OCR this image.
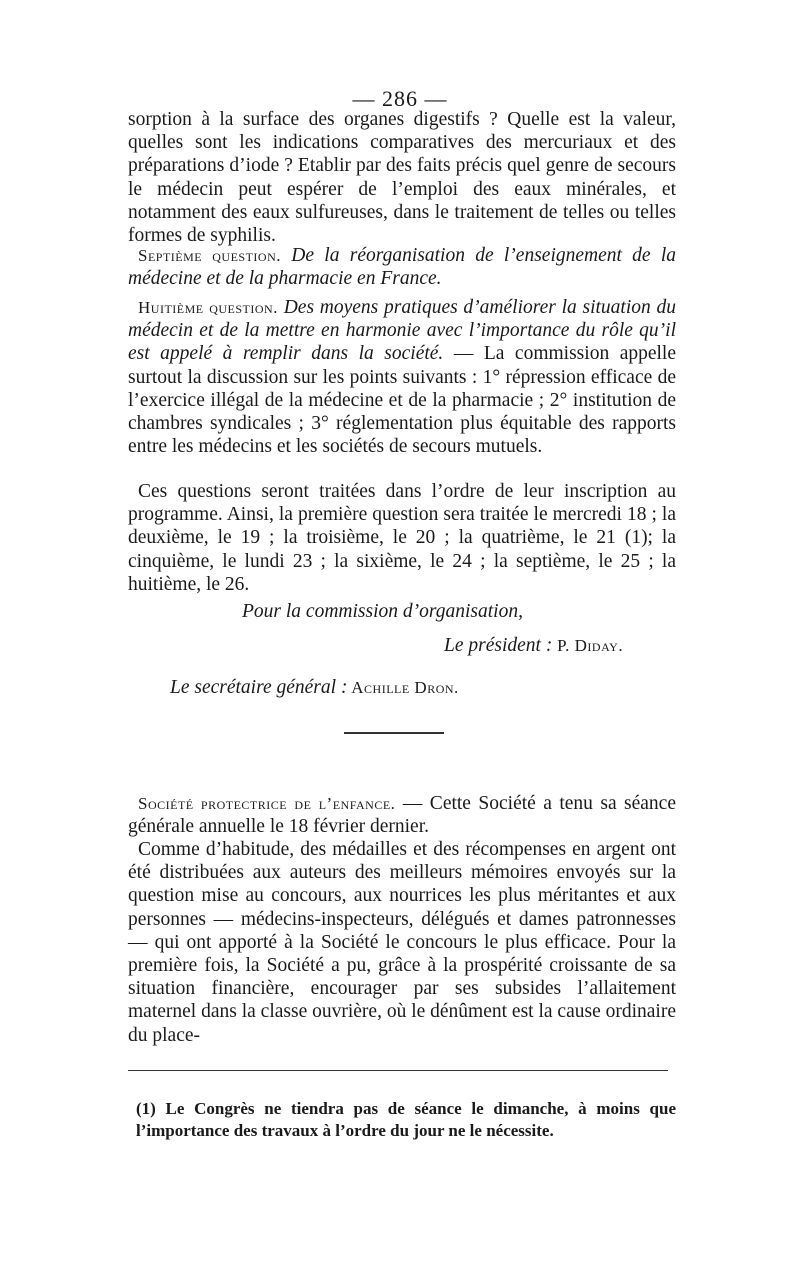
— 286 —

sorption à la surface des organes digestifs ? Quelle est la valeur, quelles sont les indications comparatives des mercuriaux et des préparations d’iode ? Etablir par des faits précis quel genre de secours le médecin peut espérer de l’emploi des eaux minérales, et notamment des eaux sulfureuses, dans le traitement de telles ou telles formes de syphilis.

Septième question. De la réorganisation de l’enseignement de la médecine et de la pharmacie en France.

Huitième question. Des moyens pratiques d’améliorer la situation du médecin et de la mettre en harmonie avec l’importance du rôle qu’il est appelé à remplir dans la société. — La commission appelle surtout la discussion sur les points suivants : 1° répression efficace de l’exercice illégal de la médecine et de la pharmacie ; 2° institution de chambres syndicales ; 3° réglementation plus équitable des rapports entre les médecins et les sociétés de secours mutuels.

Ces questions seront traitées dans l’ordre de leur inscription au programme. Ainsi, la première question sera traitée le mercredi 18 ; la deuxième, le 19 ; la troisième, le 20 ; la quatrième, le 21 (1); la cinquième, le lundi 23 ; la sixième, le 24 ; la septième, le 25 ; la huitième, le 26.

Pour la commission d’organisation,
Le président : P. Diday.
Le secrétaire général : Achille Dron.

Société protectrice de l’enfance. — Cette Société a tenu sa séance générale annuelle le 18 février dernier.

Comme d’habitude, des médailles et des récompenses en argent ont été distribuées aux auteurs des meilleurs mémoires envoyés sur la question mise au concours, aux nourrices les plus méritantes et aux personnes — médecins-inspecteurs, délégués et dames patronnesses — qui ont apporté à la Société le concours le plus efficace. Pour la première fois, la Société a pu, grâce à la prospérité croissante de sa situation financière, encourager par ses subsides l’allaitement maternel dans la classe ouvrière, où le dénûment est la cause ordinaire du place-

(1) Le Congrès ne tiendra pas de séance le dimanche, à moins que l’importance des travaux à l’ordre du jour ne le nécessite.
